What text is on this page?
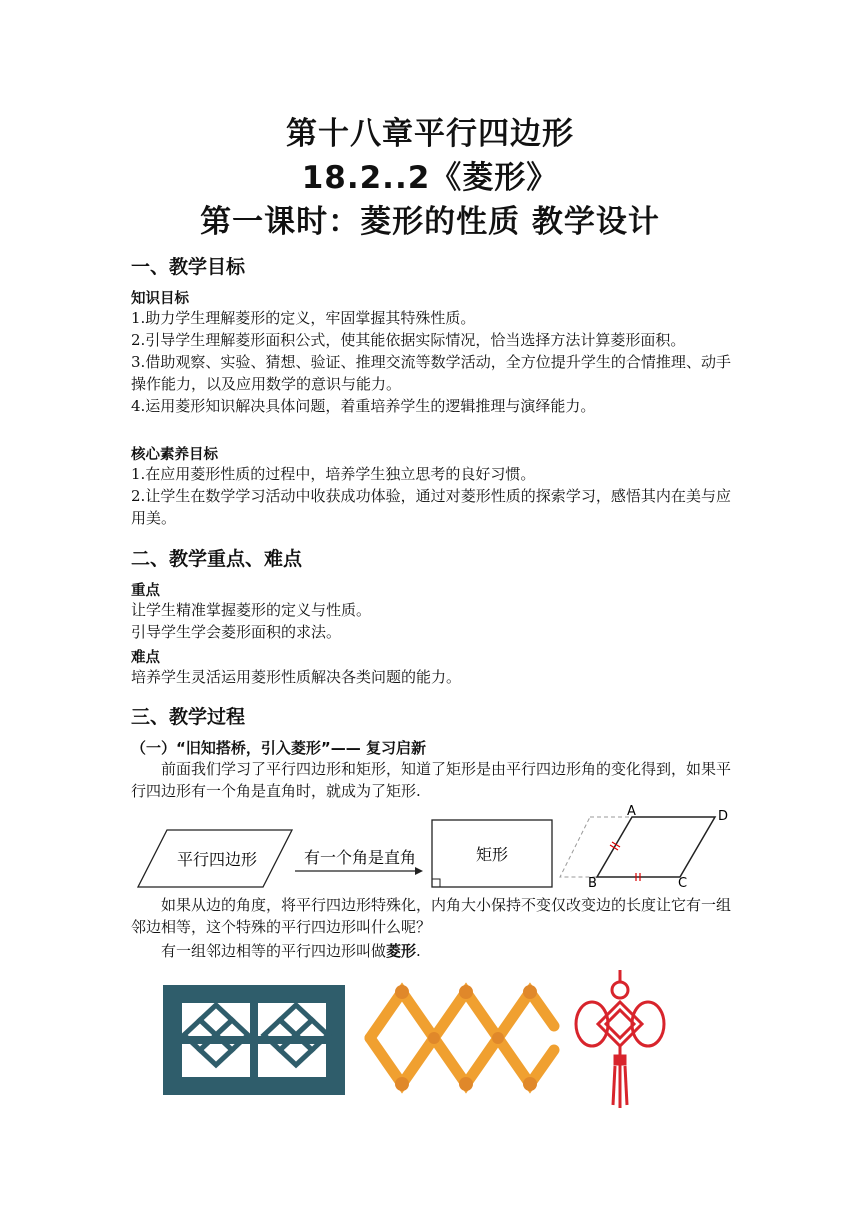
第十八章平行四边形
18.2..2《菱形》
第一课时：菱形的性质 教学设计
一、教学目标
知识目标
1.助力学生理解菱形的定义，牢固掌握其特殊性质。
2.引导学生理解菱形面积公式，使其能依据实际情况，恰当选择方法计算菱形面积。
3.借助观察、实验、猜想、验证、推理交流等数学活动，全方位提升学生的合情推理、动手操作能力，以及应用数学的意识与能力。
4.运用菱形知识解决具体问题，着重培养学生的逻辑推理与演绎能力。
核心素养目标
1.在应用菱形性质的过程中，培养学生独立思考的良好习惯。
2.让学生在数学学习活动中收获成功体验，通过对菱形性质的探索学习，感悟其内在美与应用美。
二、教学重点、难点
重点
让学生精准掌握菱形的定义与性质。
引导学生学会菱形面积的求法。
难点
培养学生灵活运用菱形性质解决各类问题的能力。
三、教学过程
（一）“旧知搭桥，引入菱形”—— 复习启新
前面我们学习了平行四边形和矩形，知道了矩形是由平行四边形角的变化得到，如果平行四边形有一个角是直角时，就成为了矩形.
平行四边形	有一个角是直角	矩形
A	D
B	C
如果从边的角度，将平行四边形特殊化，内角大小保持不变仅改变边的长度让它有一组邻边相等，这个特殊的平行四边形叫什么呢？
有一组邻边相等的平行四边形叫做菱形.
